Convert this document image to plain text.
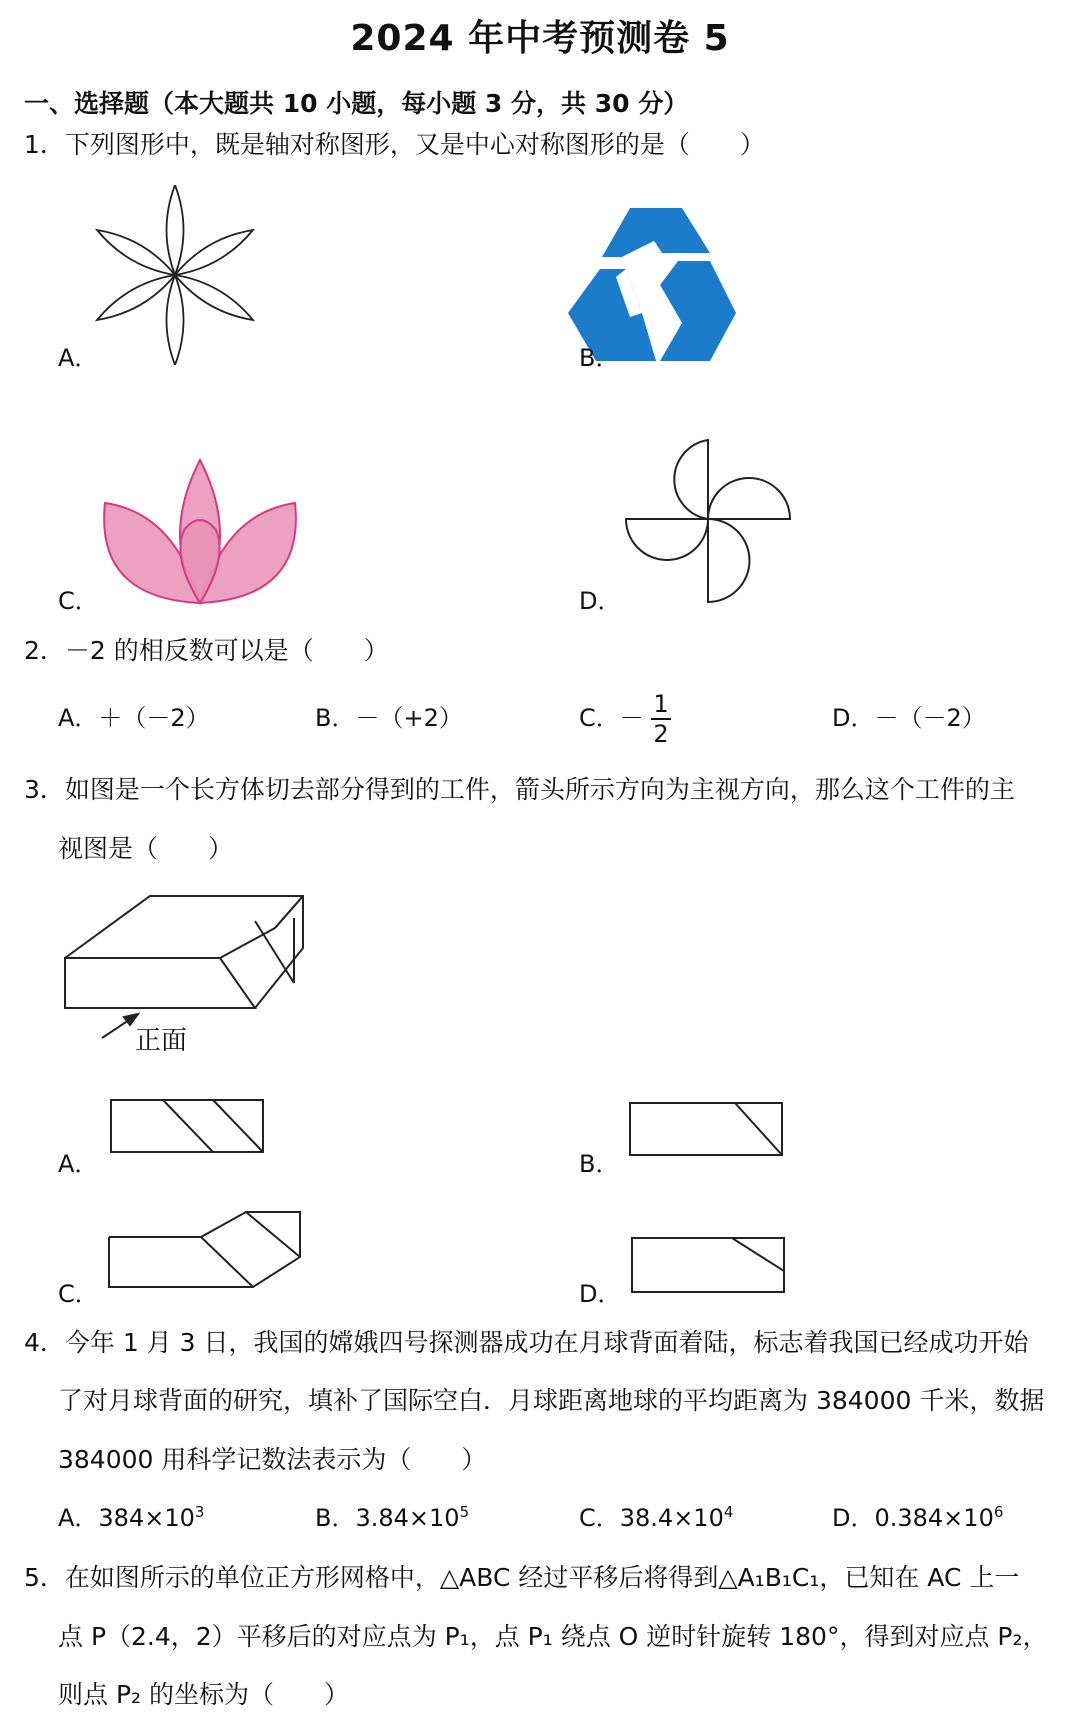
2024 年中考预测卷 5
一、选择题（本大题共 10 小题，每小题 3 分，共 30 分）
1．下列图形中，既是轴对称图形，又是中心对称图形的是（　　）
A．	B．
C．	D．
2．－2 的相反数可以是（　　）
A．＋（－2）	B．－（+2）	C．－ 1
2
D．－（－2）
3．如图是一个长方体切去部分得到的工件，箭头所示方向为主视方向，那么这个工件的主
视图是（　　）
正面
A．	B．
C．	D．
4．今年 1 月 3 日，我国的嫦娥四号探测器成功在月球背面着陆，标志着我国已经成功开始
了对月球背面的研究，填补了国际空白．月球距离地球的平均距离为 384000 千米，数据
384000 用科学记数法表示为（　　）
A．$384\times 10^3$	B．$3.84\times 10^5$	C．$38.4\times 10^4$	D．$0.384\times 10^6$
5．在如图所示的单位正方形网格中，△ABC 经过平移后将得到△A₁B₁C₁，已知在 AC 上一
点 P（2.4，2）平移后的对应点为 P₁，点 P₁ 绕点 O 逆时针旋转 180°，得到对应点 P₂，
则点 P₂ 的坐标为（　　）
